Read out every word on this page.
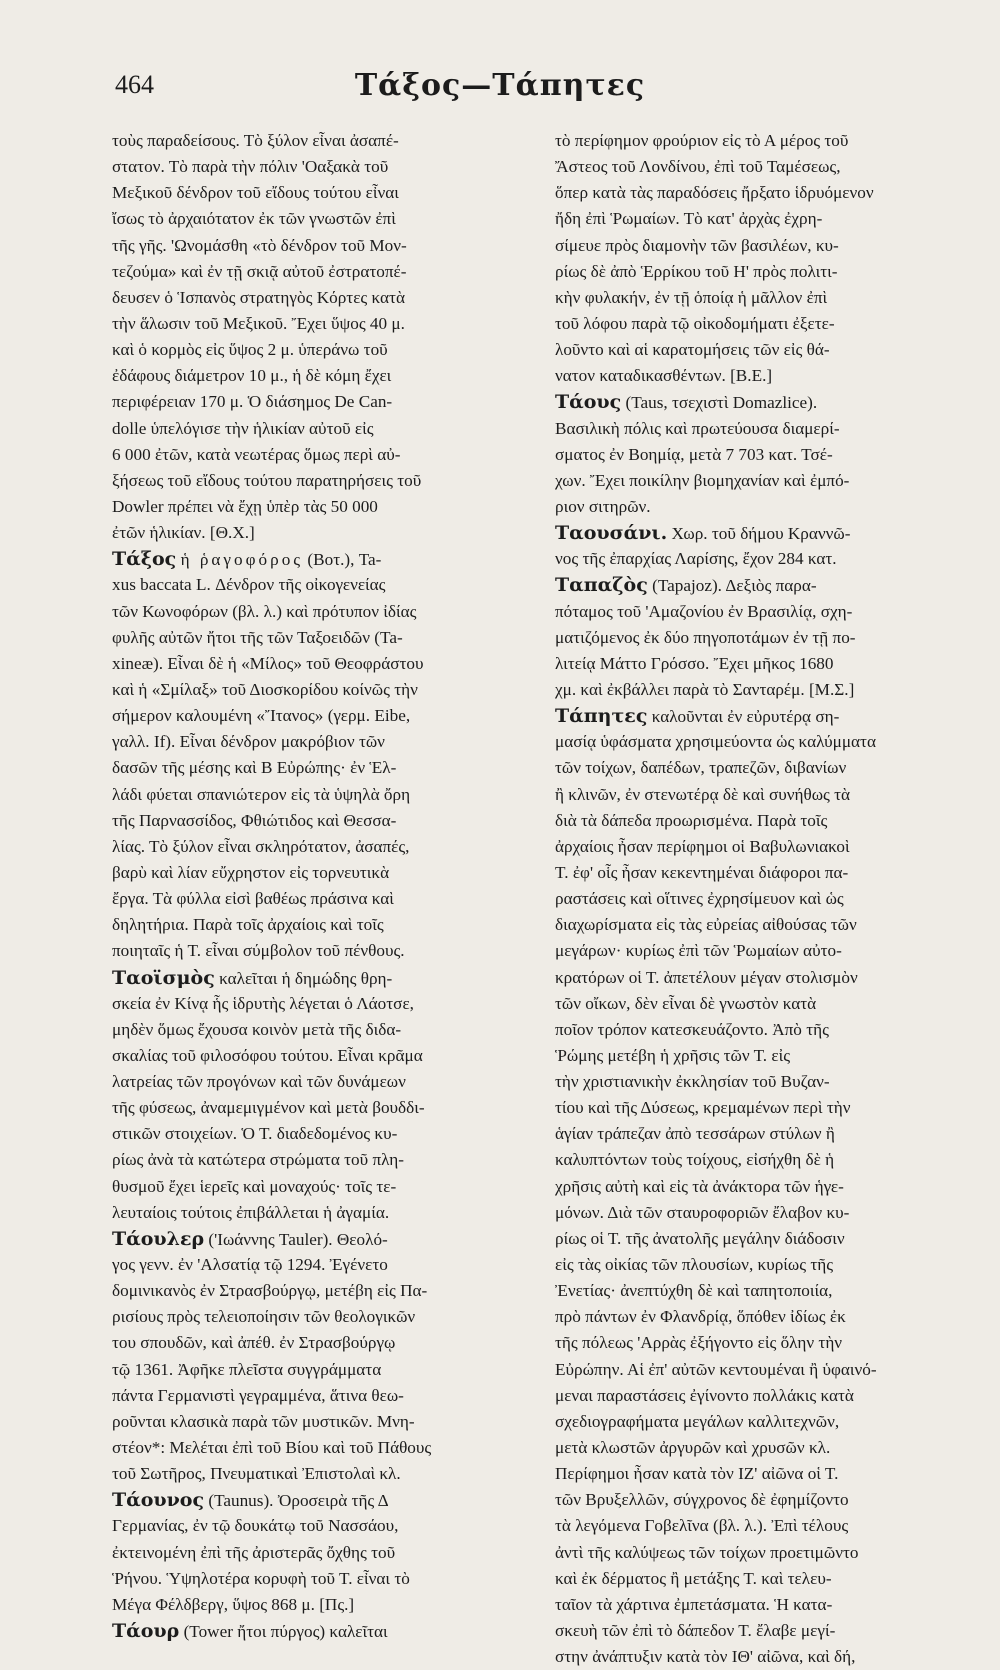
464	Τάξος—Τάπητες
τοὺς παραδείσους. Τὸ ξύλον εἶναι ἀσαπέ-
στατον. Τὸ παρὰ τὴν πόλιν 'Οαξακὰ τοῦ
Μεξικοῦ δένδρον τοῦ εἴδους τούτου εἶναι
ἴσως τὸ ἀρχαιότατον ἐκ τῶν γνωστῶν ἐπὶ
τῆς γῆς. 'Ωνομάσθη «τὸ δένδρον τοῦ Μον-
τεζούμα» καὶ ἐν τῇ σκιᾷ αὐτοῦ ἐστρατοπέ-
δευσεν ὁ Ἱσπανὸς στρατηγὸς Κόρτες κατὰ
τὴν ἅλωσιν τοῦ Μεξικοῦ. Ἔχει ὕψος 40 μ.
καὶ ὁ κορμὸς εἰς ὕψος 2 μ. ὑπεράνω τοῦ
ἐδάφους διάμετρον 10 μ., ἡ δὲ κόμη ἔχει
περιφέρειαν 170 μ. Ὁ διάσημος De Can-
dolle ὑπελόγισε τὴν ἡλικίαν αὐτοῦ εἰς
6 000 ἐτῶν, κατὰ νεωτέρας ὅμως περὶ αὐ-
ξήσεως τοῦ εἴδους τούτου παρατηρήσεις τοῦ
Dowler πρέπει νὰ ἔχῃ ὑπὲρ τὰς 50 000
ἐτῶν ἡλικίαν. [Θ.Χ.]
Τάξος ἡ ῥαγοφόρος (Βοτ.), Ta-
xus baccata L. Δένδρον τῆς οἰκογενείας
τῶν Κωνοφόρων (βλ. λ.) καὶ πρότυπον ἰδίας
φυλῆς αὐτῶν ἤτοι τῆς τῶν Ταξοειδῶν (Ta-
xineæ). Εἶναι δὲ ἡ «Μίλος» τοῦ Θεοφράστου
καὶ ἡ «Σμίλαξ» τοῦ Διοσκορίδου κοίνῶς τὴν
σήμερον καλουμένη «Ἴτανος» (γερμ. Eibe,
γαλλ. If). Εἶναι δένδρον μακρόβιον τῶν
δασῶν τῆς μέσης καὶ Β Εὐρώπης· ἐν Ἑλ-
λάδι φύεται σπανιώτερον εἰς τὰ ὑψηλὰ ὄρη
τῆς Παρνασσίδος, Φθιώτιδος καὶ Θεσσα-
λίας. Τὸ ξύλον εἶναι σκληρότατον, ἀσαπές,
βαρὺ καὶ λίαν εὔχρηστον εἰς τορνευτικὰ
ἔργα. Τὰ φύλλα εἰσὶ βαθέως πράσινα καὶ
δηλητήρια. Παρὰ τοῖς ἀρχαίοις καὶ τοῖς
ποιηταῖς ἡ Τ. εἶναι σύμβολον τοῦ πένθους.
Ταοϊσμὸς καλεῖται ἡ δημώδης θρη-
σκεία ἐν Κίνᾳ ἧς ἱδρυτὴς λέγεται ὁ Λάοτσε,
μηδὲν ὅμως ἔχουσα κοινὸν μετὰ τῆς διδα-
σκαλίας τοῦ φιλοσόφου τούτου. Εἶναι κρᾶμα
λατρείας τῶν προγόνων καὶ τῶν δυνάμεων
τῆς φύσεως, ἀναμεμιγμένον καὶ μετὰ βουδδι-
στικῶν στοιχείων. Ὁ Τ. διαδεδομένος κυ-
ρίως ἀνὰ τὰ κατώτερα στρώματα τοῦ πλη-
θυσμοῦ ἔχει ἱερεῖς καὶ μοναχούς· τοῖς τε-
λευταίοις τούτοις ἐπιβάλλεται ἡ ἀγαμία.
Τάουλερ ('Ιωάννης Tauler). Θεολό-
γος γενν. ἐν 'Αλσατίᾳ τῷ 1294. Ἐγένετο
δομινικανὸς ἐν Στρασβούργῳ, μετέβη εἰς Πα-
ρισίους πρὸς τελειοποίησιν τῶν θεολογικῶν
του σπουδῶν, καὶ ἀπέθ. ἐν Στρασβούργῳ
τῷ 1361. Ἀφῆκε πλεῖστα συγγράμματα
πάντα Γερμανιστὶ γεγραμμένα, ἅτινα θεω-
ροῦνται κλασικὰ παρὰ τῶν μυστικῶν. Μνη-
στέον*: Μελέται ἐπὶ τοῦ Βίου καὶ τοῦ Πάθους
τοῦ Σωτῆρος, Πνευματικαὶ Ἐπιστολαὶ κλ.
Τάουνος (Taunus). Ὀροσειρὰ τῆς Δ
Γερμανίας, ἐν τῷ δουκάτῳ τοῦ Νασσάου,
ἐκτεινομένη ἐπὶ τῆς ἀριστερᾶς ὄχθης τοῦ
Ῥήνου. Ὑψηλοτέρα κορυφὴ τοῦ Τ. εἶναι τὸ
Μέγα Φέλδβεργ, ὕψος 868 μ. [Πς.]
Τάουρ (Tower ἤτοι πύργος) καλεῖται
τὸ περίφημον φρούριον εἰς τὸ Α μέρος τοῦ
Ἄστεος τοῦ Λονδίνου, ἐπὶ τοῦ Ταμέσεως,
ὅπερ κατὰ τὰς παραδόσεις ἤρξατο ἱδρυόμενον
ἤδη ἐπὶ Ῥωμαίων. Τὸ κατ' ἀρχὰς ἐχρη-
σίμευε πρὸς διαμονὴν τῶν βασιλέων, κυ-
ρίως δὲ ἀπὸ Ἑρρίκου τοῦ Η' πρὸς πολιτι-
κὴν φυλακήν, ἐν τῇ ὁποίᾳ ἡ μᾶλλον ἐπὶ
τοῦ λόφου παρὰ τῷ οἰκοδομήματι ἐξετε-
λοῦντο καὶ αἱ καρατομήσεις τῶν εἰς θά-
νατον καταδικασθέντων. [Β.Ε.]
Τάους (Taus, τσεχιστὶ Domazlice).
Βασιλικὴ πόλις καὶ πρωτεύουσα διαμερί-
σματος ἐν Βοημίᾳ, μετὰ 7 703 κατ. Τσέ-
χων. Ἔχει ποικίλην βιομηχανίαν καὶ ἐμπό-
ριον σιτηρῶν.
Ταουσάνι. Χωρ. τοῦ δήμου Κραννῶ-
νος τῆς ἐπαρχίας Λαρίσης, ἔχον 284 κατ.
Ταπαζὸς (Tapajoz). Δεξιὸς παρα-
πόταμος τοῦ 'Αμαζονίου ἐν Βρασιλίᾳ, σχη-
ματιζόμενος ἐκ δύο πηγοποτάμων ἐν τῇ πο-
λιτείᾳ Μάττο Γρόσσο. Ἔχει μῆκος 1680
χμ. καὶ ἐκβάλλει παρὰ τὸ Σανταρέμ. [Μ.Σ.]
Τάπητες καλοῦνται ἐν εὐρυτέρᾳ ση-
μασίᾳ ὑφάσματα χρησιμεύοντα ὡς καλύμματα
τῶν τοίχων, δαπέδων, τραπεζῶν, διβανίων
ἢ κλινῶν, ἐν στενωτέρᾳ δὲ καὶ συνήθως τὰ
διὰ τὰ δάπεδα προωρισμένα. Παρὰ τοῖς
ἀρχαίοις ἦσαν περίφημοι οἱ Βαβυλωνιακοὶ
Τ. ἐφ' οἷς ἦσαν κεκεντημέναι διάφοροι πα-
ραστάσεις καὶ οἵτινες ἐχρησίμευον καὶ ὡς
διαχωρίσματα εἰς τὰς εὐρείας αἰθούσας τῶν
μεγάρων· κυρίως ἐπὶ τῶν Ῥωμαίων αὐτο-
κρατόρων οἱ Τ. ἀπετέλουν μέγαν στολισμὸν
τῶν οἴκων, δὲν εἶναι δὲ γνωστὸν κατὰ
ποῖον τρόπον κατεσκευάζοντο. Ἀπὸ τῆς
Ῥώμης μετέβη ἡ χρῆσις τῶν Τ. εἰς
τὴν χριστιανικὴν ἐκκλησίαν τοῦ Βυζαν-
τίου καὶ τῆς Δύσεως, κρεμαμένων περὶ τὴν
ἁγίαν τράπεζαν ἀπὸ τεσσάρων στύλων ἢ
καλυπτόντων τοὺς τοίχους, εἰσήχθη δὲ ἡ
χρῆσις αὐτὴ καὶ εἰς τὰ ἀνάκτορα τῶν ἡγε-
μόνων. Διὰ τῶν σταυροφοριῶν ἔλαβον κυ-
ρίως οἱ Τ. τῆς ἀνατολῆς μεγάλην διάδοσιν
εἰς τὰς οἰκίας τῶν πλουσίων, κυρίως τῆς
Ἐνετίας· ἀνεπτύχθη δὲ καὶ ταπητοποιία,
πρὸ πάντων ἐν Φλανδρίᾳ, ὅπόθεν ἰδίως ἐκ
τῆς πόλεως 'Αρρὰς ἐξήγοντο εἰς ὅλην τὴν
Εὐρώπην. Αἱ ἐπ' αὐτῶν κεντουμέναι ἢ ὑφαινό-
μεναι παραστάσεις ἐγίνοντο πολλάκις κατὰ
σχεδιογραφήματα μεγάλων καλλιτεχνῶν,
μετὰ κλωστῶν ἀργυρῶν καὶ χρυσῶν κλ.
Περίφημοι ἦσαν κατὰ τὸν ΙΖ' αἰῶνα οἱ Τ.
τῶν Βρυξελλῶν, σύγχρονος δὲ ἐφημίζοντο
τὰ λεγόμενα Γοβελῖνα (βλ. λ.). Ἐπὶ τέλους
ἀντὶ τῆς καλύψεως τῶν τοίχων προετιμῶντο
καὶ ἐκ δέρματος ἢ μετάξης Τ. καὶ τελευ-
ταῖον τὰ χάρτινα ἐμπετάσματα. Ἡ κατα-
σκευὴ τῶν ἐπὶ τὸ δάπεδον Τ. ἔλαβε μεγί-
στην ἀνάπτυξιν κατὰ τὸν ΙΘ' αἰῶνα, καὶ δή,
